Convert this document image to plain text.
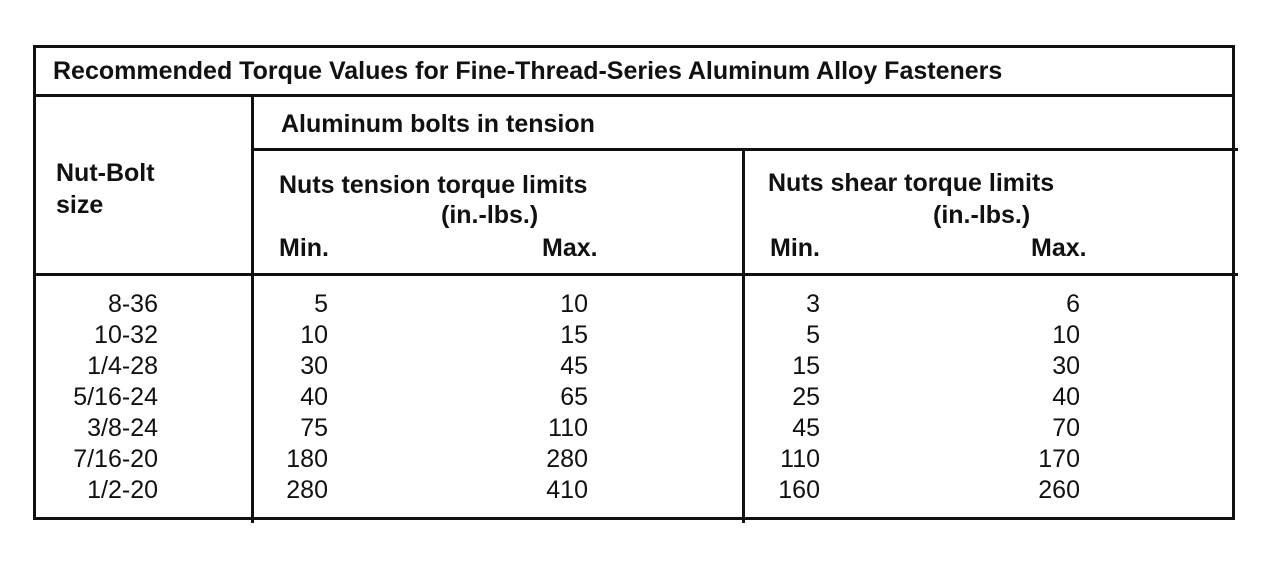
Recommended Torque Values for Fine-Thread-Series Aluminum Alloy Fasteners
Nut-Bolt
size
Aluminum bolts in tension
Nuts tension torque limits
(in.-lbs.)
Min.	Max.
Nuts shear torque limits
(in.-lbs.)
Min.	Max.
8-36
10-32
1/4-28
5/16-24
3/8-24
7/16-20
1/2-20
5
10
30
40
75
180
280
10
15
45
65
110
280
410
3
5
15
25
45
110
160
6
10
30
40
70
170
260
